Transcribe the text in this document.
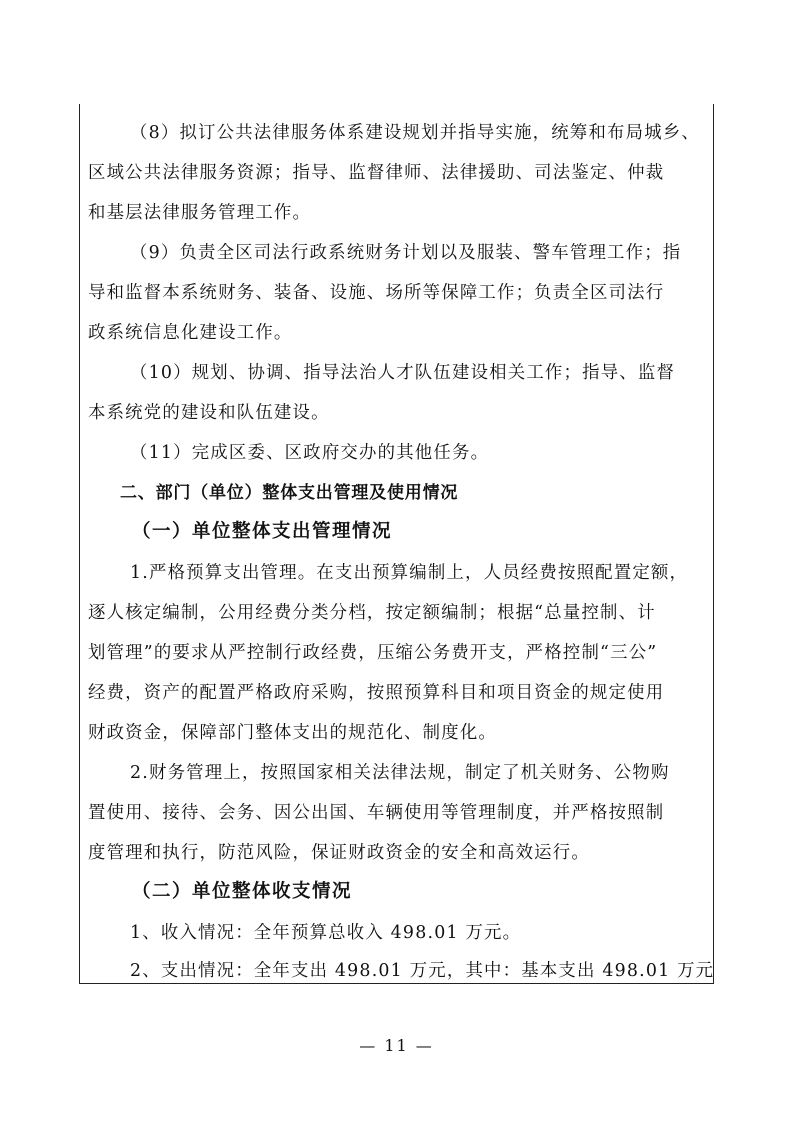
（8）拟订公共法律服务体系建设规划并指导实施，统筹和布局城乡、
区域公共法律服务资源；指导、监督律师、法律援助、司法鉴定、仲裁
和基层法律服务管理工作。
（9）负责全区司法行政系统财务计划以及服装、警车管理工作；指
导和监督本系统财务、装备、设施、场所等保障工作；负责全区司法行
政系统信息化建设工作。
（10）规划、协调、指导法治人才队伍建设相关工作；指导、监督
本系统党的建设和队伍建设。
（11）完成区委、区政府交办的其他任务。
二、部门（单位）整体支出管理及使用情况
（一）单位整体支出管理情况
1.严格预算支出管理。在支出预算编制上，人员经费按照配置定额，
逐人核定编制，公用经费分类分档，按定额编制；根据“总量控制、计
划管理”的要求从严控制行政经费，压缩公务费开支，严格控制“三公”
经费，资产的配置严格政府采购，按照预算科目和项目资金的规定使用
财政资金，保障部门整体支出的规范化、制度化。
2.财务管理上，按照国家相关法律法规，制定了机关财务、公物购
置使用、接待、会务、因公出国、车辆使用等管理制度，并严格按照制
度管理和执行，防范风险，保证财政资金的安全和高效运行。
（二）单位整体收支情况
1、收入情况：全年预算总收入 498.01 万元。
2、支出情况：全年支出 498.01 万元，其中：基本支出 498.01 万元
— 11 —
